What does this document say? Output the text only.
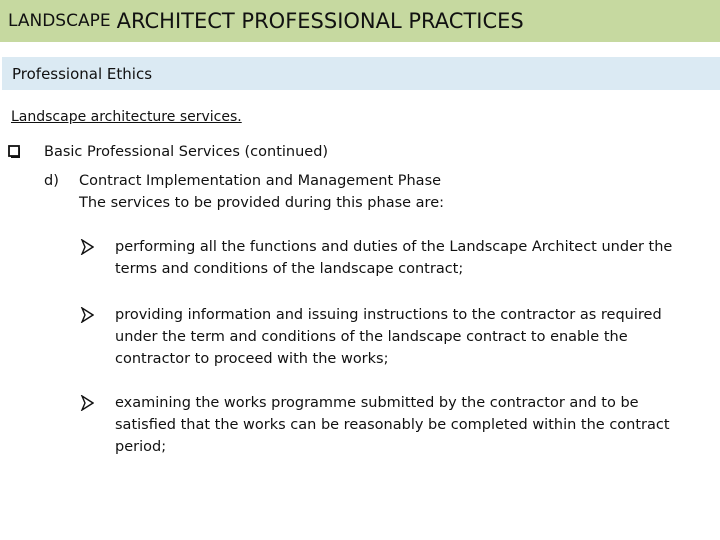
LANDSCAPE ARCHITECT PROFESSIONAL PRACTICES
Professional Ethics
Landscape architecture services.
Basic Professional Services (continued)
d) Contract Implementation and Management Phase
The services to be provided during this phase are:
performing all the functions and duties of the Landscape Architect under the terms and conditions of the landscape contract;
providing information and issuing instructions to the contractor as required under the term and conditions of the landscape contract to enable the contractor to proceed with the works;
examining the works programme submitted by the contractor and to be satisfied that the works can be reasonably be completed within the contract period;
